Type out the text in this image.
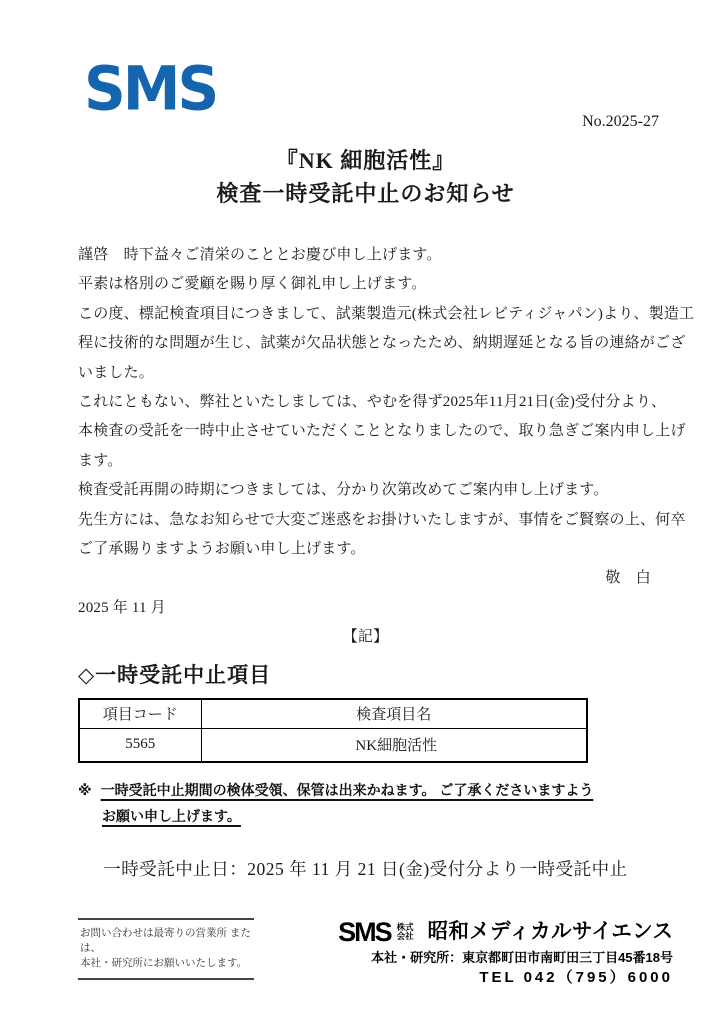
SMS	No.2025-27
『NK 細胞活性』
検査一時受託中止のお知らせ
謹啓　時下益々ご清栄のこととお慶び申し上げます。
平素は格別のご愛顧を賜り厚く御礼申し上げます。
この度、標記検査項目につきまして、試薬製造元(株式会社レビティジャパン)より、製造工
程に技術的な問題が生じ、試薬が欠品状態となったため、納期遅延となる旨の連絡がござ
いました。
これにともない、弊社といたしましては、やむを得ず2025年11月21日(金)受付分より、
本検査の受託を一時中止させていただくこととなりましたので、取り急ぎご案内申し上げ
ます。
検査受託再開の時期につきましては、分かり次第改めてご案内申し上げます。
先生方には、急なお知らせで大変ご迷惑をお掛けいたしますが、事情をご賢察の上、何卒
ご了承賜りますようお願い申し上げます。
敬　白
2025 年 11 月
【記】
◇一時受託中止項目
項目コード	検査項目名
5565	NK細胞活性
※ 一時受託中止期間の検体受領、保管は出来かねます。 ご了承くださいますよう
お願い申し上げます。
一時受託中止日：2025 年 11 月 21 日(金)受付分より一時受託中止
お問い合わせは最寄りの営業所 または、
本社・研究所にお願いいたします。
SMS 株式
会社 昭和メディカルサイエンス
本社・研究所：東京都町田市南町田三丁目45番18号
TEL 042（795）6000
